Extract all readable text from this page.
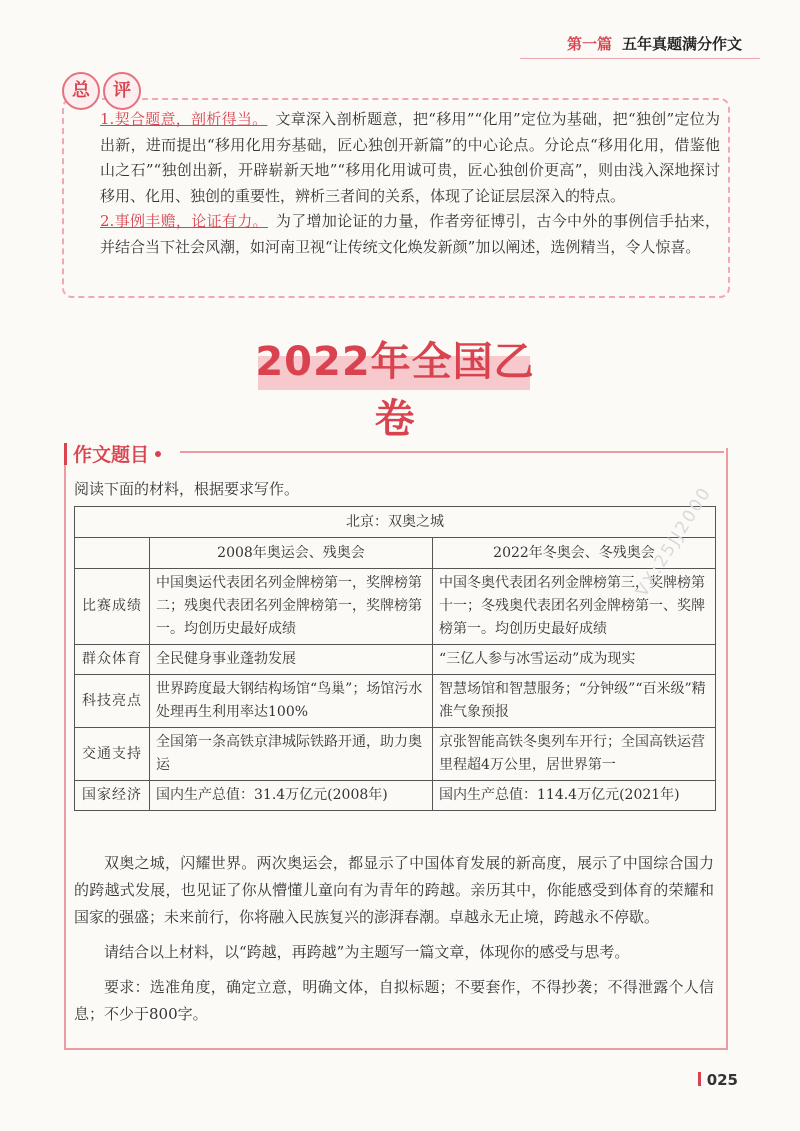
第一篇 五年真题满分作文
总	评

1.契合题意，剖析得当。 文章深入剖析题意，把“移用”“化用”定位为基础，把“独创”定位为出新，进而提出“移用化用夯基础，匠心独创开新篇”的中心论点。分论点“移用化用，借鉴他山之石”“独创出新，开辟崭新天地”“移用化用诚可贵，匠心独创价更高”，则由浅入深地探讨移用、化用、独创的重要性，辨析三者间的关系，体现了论证层层深入的特点。

2.事例丰赡，论证有力。 为了增加论证的力量，作者旁征博引，古今中外的事例信手拈来，并结合当下社会风潮，如河南卫视“让传统文化焕发新颜”加以阐述，选例精当，令人惊喜。

2022年全国乙卷
作文题目
阅读下面的材料，根据要求写作。
北京：双奥之城		
	2008年奥运会、残奥会	2022年冬奥会、冬残奥会
比赛成绩	中国奥运代表团名列金牌榜第一，奖牌榜第二；残奥代表团名列金牌榜第一，奖牌榜第一。均创历史最好成绩	中国冬奥代表团名列金牌榜第三，奖牌榜第十一；冬残奥代表团名列金牌榜第一、奖牌榜第一。均创历史最好成绩
群众体育	全民健身事业蓬勃发展	“三亿人参与冰雪运动”成为现实
科技亮点	世界跨度最大钢结构场馆“鸟巢”；场馆污水处理再生利用率达100%	智慧场馆和智慧服务；“分钟级”“百米级”精准气象预报
交通支持	全国第一条高铁京津城际铁路开通，助力奥运	京张智能高铁冬奥列车开行；全国高铁运营里程超4万公里，居世界第一
国家经济	国内生产总值：31.4万亿元(2008年)	国内生产总值：114.4万亿元(2021年)

双奥之城，闪耀世界。两次奥运会，都显示了中国体育发展的新高度，展示了中国综合国力的跨越式发展，也见证了你从懵懂儿童向有为青年的跨越。亲历其中，你能感受到体育的荣耀和国家的强盛；未来前行，你将融入民族复兴的澎湃春潮。卓越永无止境，跨越永不停歇。

请结合以上材料，以“跨越，再跨越”为主题写一篇文章，体现你的感受与思考。

要求：选准角度，确定立意，明确文体，自拟标题；不要套作，不得抄袭；不得泄露个人信息；不少于800字。

VX:25JJ2000
025
